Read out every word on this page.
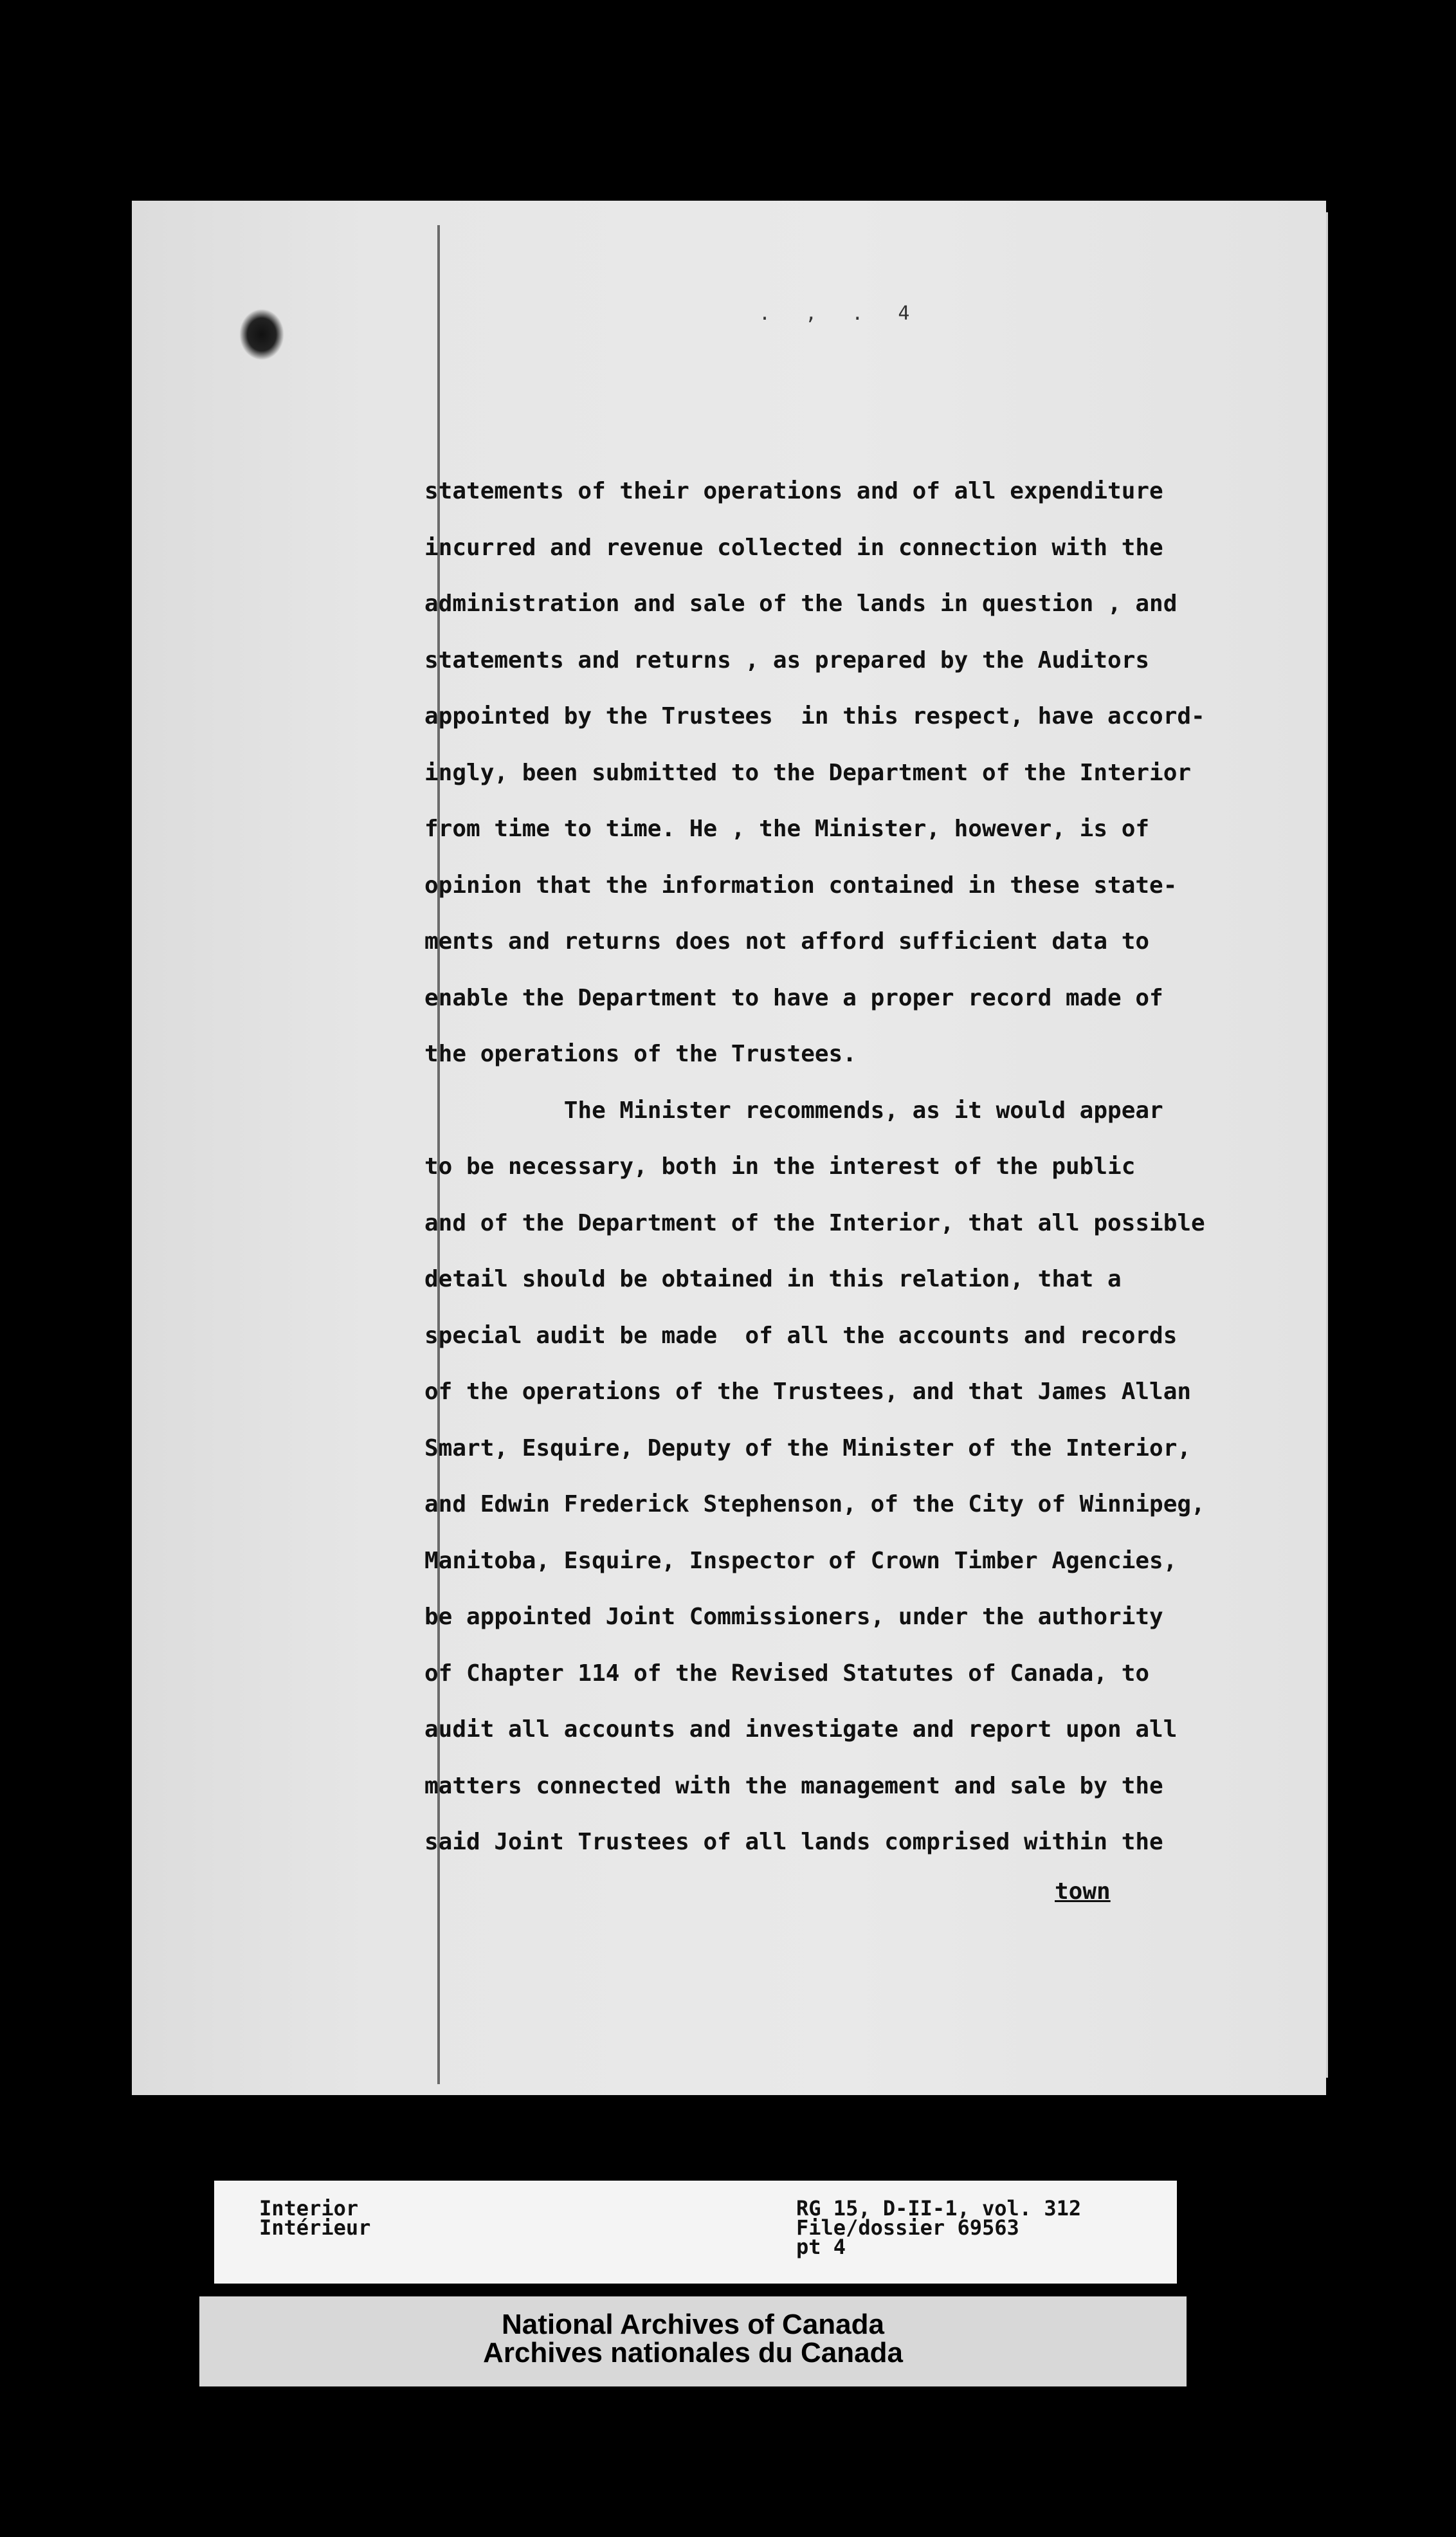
. , . 4
statements of their operations and of all expenditure
incurred and revenue collected in connection with the
administration and sale of the lands in question , and
statements and returns , as prepared by the Auditors
appointed by the Trustees  in this respect, have accord-
ingly, been submitted to the Department of the Interior
from time to time. He , the Minister, however, is of
opinion that the information contained in these state-
ments and returns does not afford sufficient data to
enable the Department to have a proper record made of
the operations of the Trustees.
The Minister recommends, as it would appear
to be necessary, both in the interest of the public
and of the Department of the Interior, that all possible
detail should be obtained in this relation, that a
special audit be made  of all the accounts and records
of the operations of the Trustees, and that James Allan
Smart, Esquire, Deputy of the Minister of the Interior,
and Edwin Frederick Stephenson, of the City of Winnipeg,
Manitoba, Esquire, Inspector of Crown Timber Agencies,
be appointed Joint Commissioners, under the authority
of Chapter 114 of the Revised Statutes of Canada, to
audit all accounts and investigate and report upon all
matters connected with the management and sale by the
said Joint Trustees of all lands comprised within the
town
Interior
Intérieur
RG 15, D-II-1, vol. 312
File/dossier 69563
pt 4
National Archives of Canada
Archives nationales du Canada
